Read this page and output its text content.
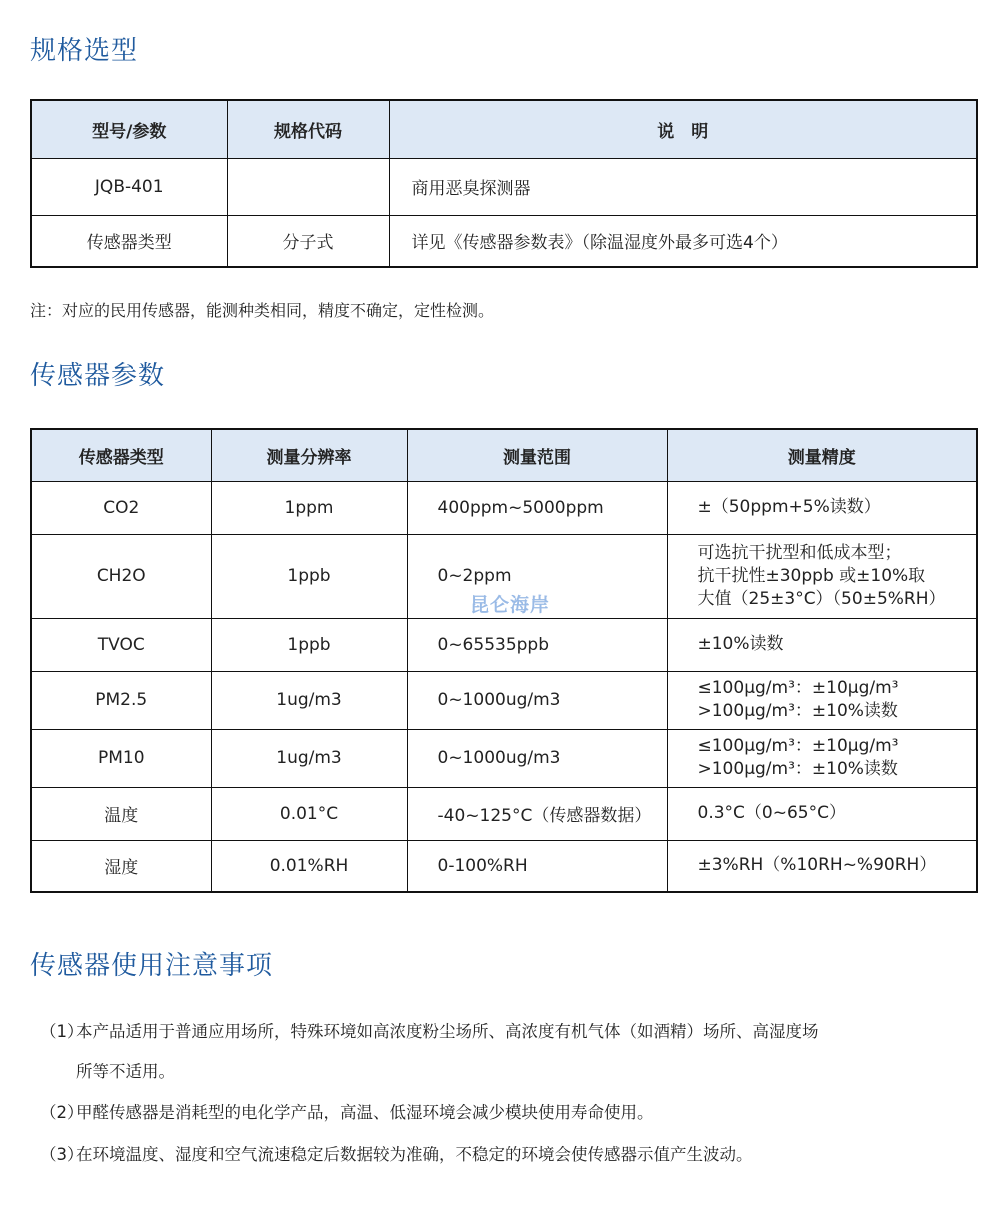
规格选型
型号/参数	规格代码	说　明
JQB-401		商用恶臭探测器
传感器类型	分子式	详见《传感器参数表》（除温湿度外最多可选4个）

注：对应的民用传感器，能测种类相同，精度不确定，定性检测。

传感器参数
传感器类型	测量分辨率	测量范围	测量精度
CO2	1ppm	400ppm~5000ppm	±（50ppm+5%读数）

CH2O	1ppb	0~2ppm	可选抗干扰型和低成本型；
抗干扰性±30ppb 或±10%取
大值（25±3°C）（50±5%RH）

TVOC	1ppb	0~65535ppb	±10%读数

PM2.5	1ug/m3	0~1000ug/m3	≤100μg/m³：±10μg/m³
>100μg/m³：±10%读数

PM10	1ug/m3	0~1000ug/m3	≤100μg/m³：±10μg/m³
>100μg/m³：±10%读数

温度	0.01°C	-40~125°C（传感器数据）	0.3°C（0~65°C）

湿度	0.01%RH	0-100%RH	±3%RH（%10RH~%90RH）
昆仑海岸
传感器使用注意事项
（1）本产品适用于普通应用场所，特殊环境如高浓度粉尘场所、高浓度有机气体（如酒精）场所、高湿度场
所等不适用。
（2）甲醛传感器是消耗型的电化学产品，高温、低湿环境会减少模块使用寿命使用。
（3）在环境温度、湿度和空气流速稳定后数据较为准确，不稳定的环境会使传感器示值产生波动。
